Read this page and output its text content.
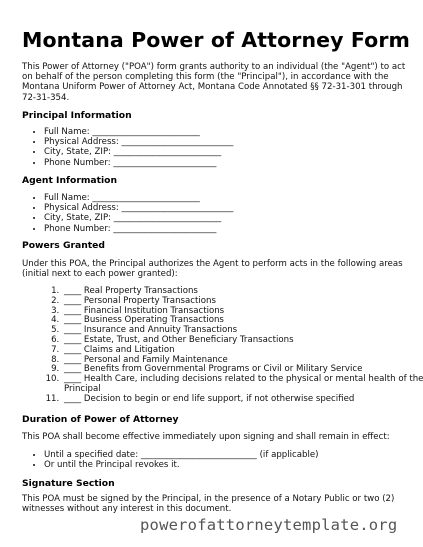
Montana Power of Attorney Form

This Power of Attorney ("POA") form grants authority to an individual (the "Agent") to act on behalf of the person completing this form (the "Principal"), in accordance with the Montana Uniform Power of Attorney Act, Montana Code Annotated §§ 72-31-301 through 72-31-354.

Principal Information
• Full Name: _________________________
• Physical Address: __________________________
• City, State, ZIP: _________________________
• Phone Number: ________________________
Agent Information
• Full Name: _________________________
• Physical Address: __________________________
• City, State, ZIP: _________________________
• Phone Number: ________________________
Powers Granted

Under this POA, the Principal authorizes the Agent to perform acts in the following areas (initial next to each power granted):

1. ____ Real Property Transactions
2. ____ Personal Property Transactions
3. ____ Financial Institution Transactions
4. ____ Business Operating Transactions
5. ____ Insurance and Annuity Transactions
6. ____ Estate, Trust, and Other Beneficiary Transactions
7. ____ Claims and Litigation
8. ____ Personal and Family Maintenance
9. ____ Benefits from Governmental Programs or Civil or Military Service
10. ____ Health Care, including decisions related to the physical or mental health of the Principal
11. ____ Decision to begin or end life support, if not otherwise specified
Duration of Power of Attorney

This POA shall become effective immediately upon signing and shall remain in effect:

• Until a specified date: ___________________________ (if applicable)
• Or until the Principal revokes it.
Signature Section

This POA must be signed by the Principal, in the presence of a Notary Public or two (2) witnesses without any interest in this document.

powerofattorneytemplate.org
